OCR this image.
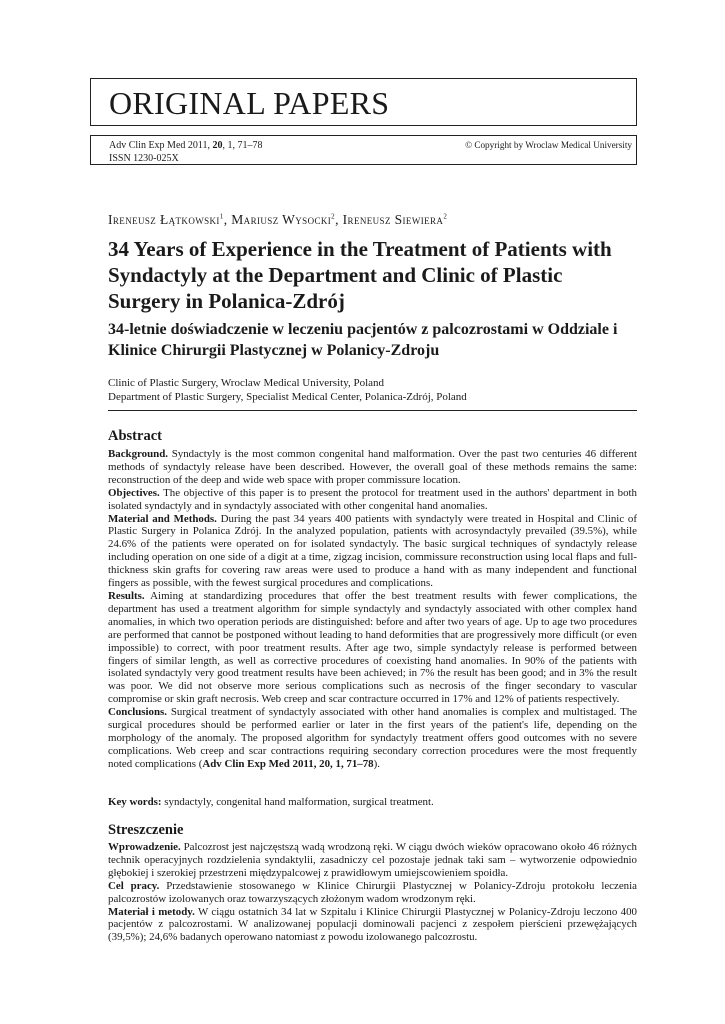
ORIGINAL PAPERS
Adv Clin Exp Med 2011, 20, 1, 71–78
ISSN 1230-025X
© Copyright by Wroclaw Medical University
Ireneusz Łątkowski$^1$, Mariusz Wysocki$^2$, Ireneusz Siewiera$^2$
34 Years of Experience in the Treatment of Patients with Syndactyly at the Department and Clinic of Plastic Surgery in Polanica-Zdrój
34-letnie doświadczenie w leczeniu pacjentów z palcozrostami w Oddziale i Klinice Chirurgii Plastycznej w Polanicy-Zdroju
Clinic of Plastic Surgery, Wroclaw Medical University, Poland
Department of Plastic Surgery, Specialist Medical Center, Polanica-Zdrój, Poland
Abstract

Background. Syndactyly is the most common congenital hand malformation. Over the past two centuries 46 different methods of syndactyly release have been described. However, the overall goal of these methods remains the same: reconstruction of the deep and wide web space with proper commissure location.
Objectives. The objective of this paper is to present the protocol for treatment used in the authors' department in both isolated syndactyly and in syndactyly associated with other congenital hand anomalies.
Material and Methods. During the past 34 years 400 patients with syndactyly were treated in Hospital and Clinic of Plastic Surgery in Polanica Zdrój. In the analyzed population, patients with acrosyndactyly prevailed (39.5%), while 24.6% of the patients were operated on for isolated syndactyly. The basic surgical techniques of syndactyly release including operation on one side of a digit at a time, zigzag incision, commissure reconstruction using local flaps and full-thickness skin grafts for covering raw areas were used to produce a hand with as many independent and functional fingers as possible, with the fewest surgical procedures and complications.
Results. Aiming at standardizing procedures that offer the best treatment results with fewer complications, the department has used a treatment algorithm for simple syndactyly and syndactyly associated with other complex hand anomalies, in which two operation periods are distinguished: before and after two years of age. Up to age two procedures are performed that cannot be postponed without leading to hand deformities that are progressively more difficult (or even impossible) to correct, with poor treatment results. After age two, simple syndactyly release is performed between fingers of similar length, as well as corrective procedures of coexisting hand anomalies. In 90% of the patients with isolated syndactyly very good treatment results have been achieved; in 7% the result has been good; and in 3% the result was poor. We did not observe more serious complications such as necrosis of the finger secondary to vascular compromise or skin graft necrosis. Web creep and scar contracture occurred in 17% and 12% of patients respectively.
Conclusions. Surgical treatment of syndactyly associated with other hand anomalies is complex and multistaged. The surgical procedures should be performed earlier or later in the first years of the patient's life, depending on the morphology of the anomaly. The proposed algorithm for syndactyly treatment offers good outcomes with no severe complications. Web creep and scar contractions requiring secondary correction procedures were the most frequently noted complications (Adv Clin Exp Med 2011, 20, 1, 71–78).

Key words: syndactyly, congenital hand malformation, surgical treatment.
Streszczenie

Wprowadzenie. Palcozrost jest najczęstszą wadą wrodzoną ręki. W ciągu dwóch wieków opracowano około 46 różnych technik operacyjnych rozdzielenia syndaktylii, zasadniczy cel pozostaje jednak taki sam – wytworzenie odpowiednio głębokiej i szerokiej przestrzeni międzypalcowej z prawidłowym umiejscowieniem spoidła.
Cel pracy. Przedstawienie stosowanego w Klinice Chirurgii Plastycznej w Polanicy-Zdroju protokołu leczenia palcozrostów izolowanych oraz towarzyszących złożonym wadom wrodzonym ręki.
Materiał i metody. W ciągu ostatnich 34 lat w Szpitalu i Klinice Chirurgii Plastycznej w Polanicy-Zdroju leczono 400 pacjentów z palcozrostami. W analizowanej populacji dominowali pacjenci z zespołem pierścieni przewężających (39,5%); 24,6% badanych operowano natomiast z powodu izolowanego palcozrostu.
